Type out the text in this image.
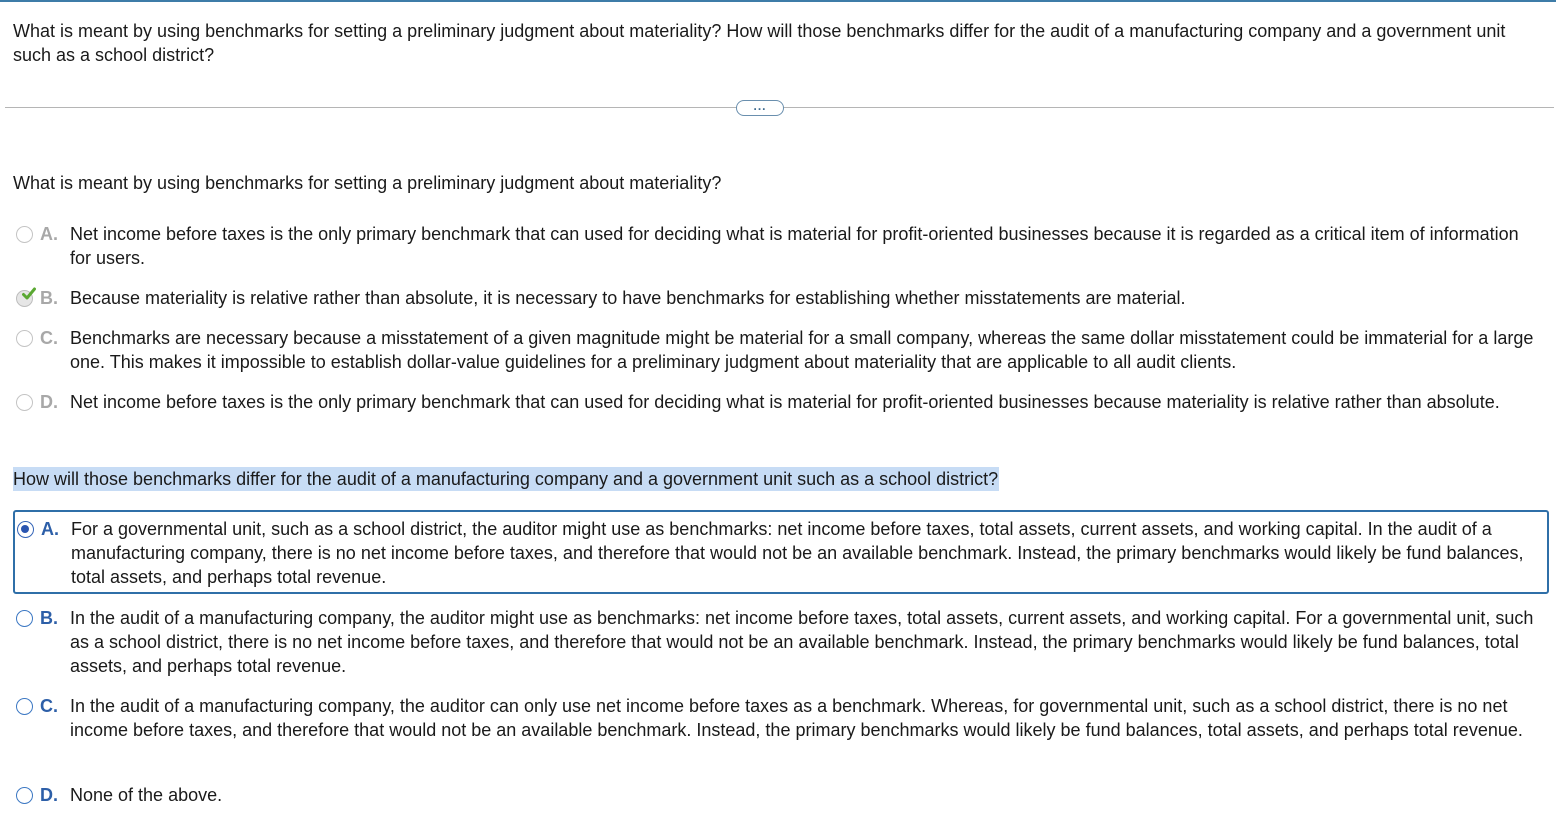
What is meant by using benchmarks for setting a preliminary judgment about materiality? How will those benchmarks differ for the audit of a manufacturing company and a government unit such as a school district?
...
What is meant by using benchmarks for setting a preliminary judgment about materiality?
A. Net income before taxes is the only primary benchmark that can used for deciding what is material for profit-oriented businesses because it is regarded as a critical item of information for users.
B. Because materiality is relative rather than absolute, it is necessary to have benchmarks for establishing whether misstatements are material.
C. Benchmarks are necessary because a misstatement of a given magnitude might be material for a small company, whereas the same dollar misstatement could be immaterial for a large one. This makes it impossible to establish dollar-value guidelines for a preliminary judgment about materiality that are applicable to all audit clients.
D. Net income before taxes is the only primary benchmark that can used for deciding what is material for profit-oriented businesses because materiality is relative rather than absolute.
How will those benchmarks differ for the audit of a manufacturing company and a government unit such as a school district?
A. For a governmental unit, such as a school district, the auditor might use as benchmarks: net income before taxes, total assets, current assets, and working capital. In the audit of a manufacturing company, there is no net income before taxes, and therefore that would not be an available benchmark. Instead, the primary benchmarks would likely be fund balances, total assets, and perhaps total revenue.
B. In the audit of a manufacturing company, the auditor might use as benchmarks: net income before taxes, total assets, current assets, and working capital. For a governmental unit, such as a school district, there is no net income before taxes, and therefore that would not be an available benchmark. Instead, the primary benchmarks would likely be fund balances, total assets, and perhaps total revenue.
C. In the audit of a manufacturing company, the auditor can only use net income before taxes as a benchmark. Whereas, for governmental unit, such as a school district, there is no net income before taxes, and therefore that would not be an available benchmark. Instead, the primary benchmarks would likely be fund balances, total assets, and perhaps total revenue.
D. None of the above.
